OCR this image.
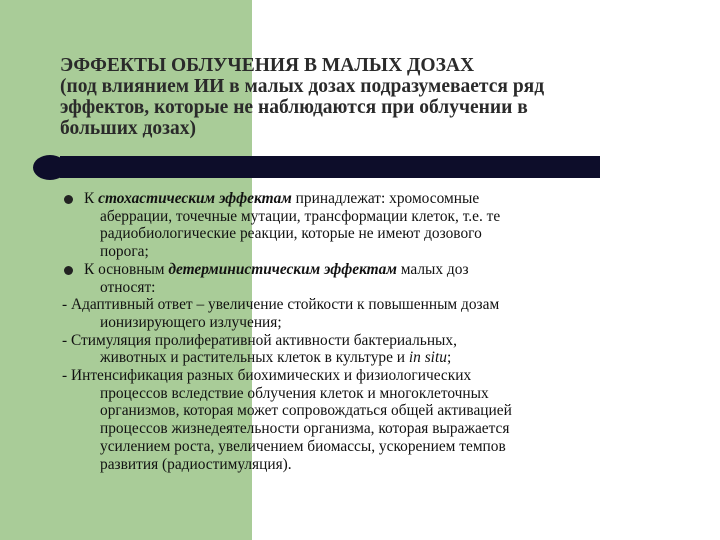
ЭФФЕКТЫ ОБЛУЧЕНИЯ В МАЛЫХ ДОЗАХ
(под влиянием ИИ в малых дозах подразумевается ряд
эффектов, которые не наблюдаются при облучении в
больших дозах)
К стохастическим эффектам принадлежат: хромосомные
аберрации, точечные мутации, трансформации клеток, т.е. те
радиобиологические реакции, которые не имеют дозового
порога;
К основным детерминистическим эффектам малых доз
относят:
- Адаптивный ответ – увеличение стойкости к повышенным дозам
ионизирующего излучения;
- Стимуляция пролиферативной активности бактериальных,
животных и растительных клеток в культуре и in situ;
- Интенсификация разных биохимических и физиологических
процессов вследствие облучения клеток и многоклеточных
организмов, которая может сопровождаться общей активацией
процессов жизнедеятельности организма, которая выражается
усилением роста, увеличением биомассы, ускорением темпов
развития (радиостимуляция).
